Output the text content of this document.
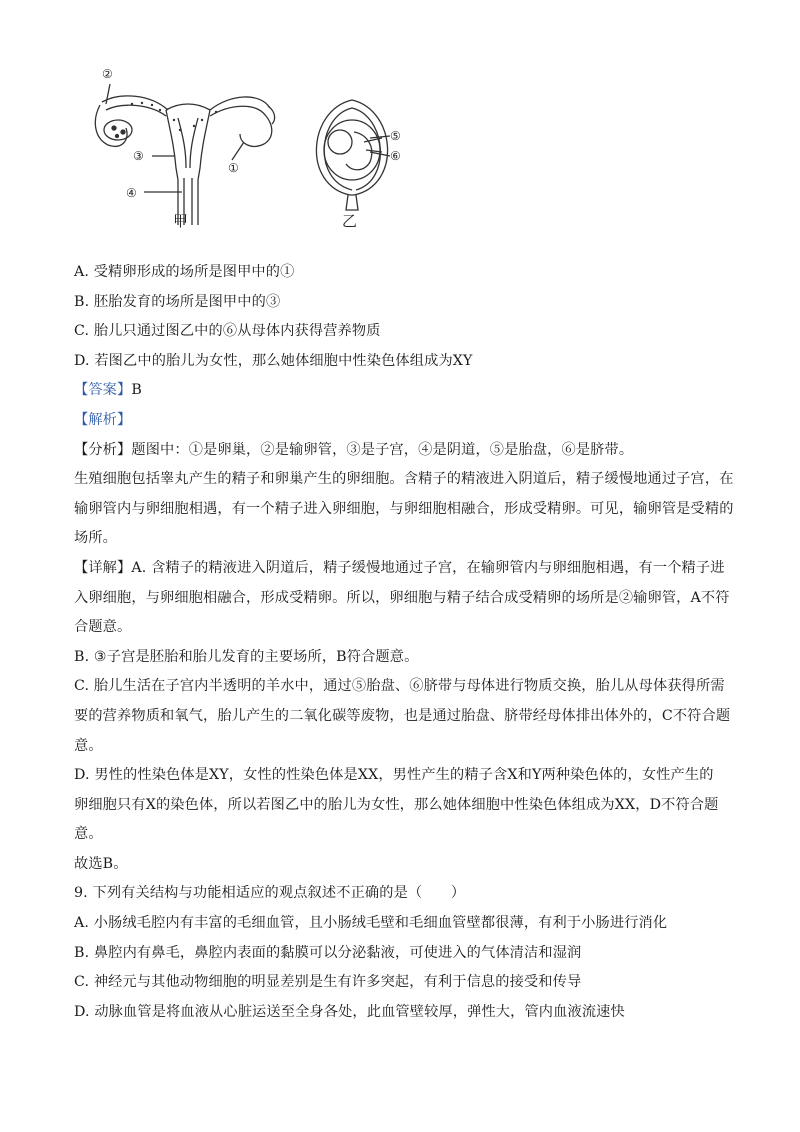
②
③
④
①
⑤
⑥
甲	乙
A. 受精卵形成的场所是图甲中的①
B. 胚胎发育的场所是图甲中的③
C. 胎儿只通过图乙中的⑥从母体内获得营养物质
D. 若图乙中的胎儿为女性，那么她体细胞中性染色体组成为XY
【答案】B
【解析】
【分析】题图中：①是卵巢，②是输卵管，③是子宫，④是阴道，⑤是胎盘，⑥是脐带。
生殖细胞包括睾丸产生的精子和卵巢产生的卵细胞。含精子的精液进入阴道后，精子缓慢地通过子宫，在
输卵管内与卵细胞相遇，有一个精子进入卵细胞，与卵细胞相融合，形成受精卵。可见，输卵管是受精的
场所。
【详解】A. 含精子的精液进入阴道后，精子缓慢地通过子宫，在输卵管内与卵细胞相遇，有一个精子进
入卵细胞，与卵细胞相融合，形成受精卵。所以，卵细胞与精子结合成受精卵的场所是②输卵管，A不符
合题意。
B. ③子宫是胚胎和胎儿发育的主要场所，B符合题意。
C. 胎儿生活在子宫内半透明的羊水中，通过⑤胎盘、⑥脐带与母体进行物质交换，胎儿从母体获得所需
要的营养物质和氧气，胎儿产生的二氧化碳等废物，也是通过胎盘、脐带经母体排出体外的，C不符合题
意。
D. 男性的性染色体是XY，女性的性染色体是XX，男性产生的精子含X和Y两种染色体的，女性产生的
卵细胞只有X的染色体，所以若图乙中的胎儿为女性，那么她体细胞中性染色体组成为XX，D不符合题
意。
故选B。
9. 下列有关结构与功能相适应的观点叙述不正确的是（　　）
A. 小肠绒毛腔内有丰富的毛细血管，且小肠绒毛壁和毛细血管壁都很薄，有利于小肠进行消化
B. 鼻腔内有鼻毛，鼻腔内表面的黏膜可以分泌黏液，可使进入的气体清洁和湿润
C. 神经元与其他动物细胞的明显差别是生有许多突起，有利于信息的接受和传导
D. 动脉血管是将血液从心脏运送至全身各处，此血管壁较厚，弹性大，管内血液流速快
